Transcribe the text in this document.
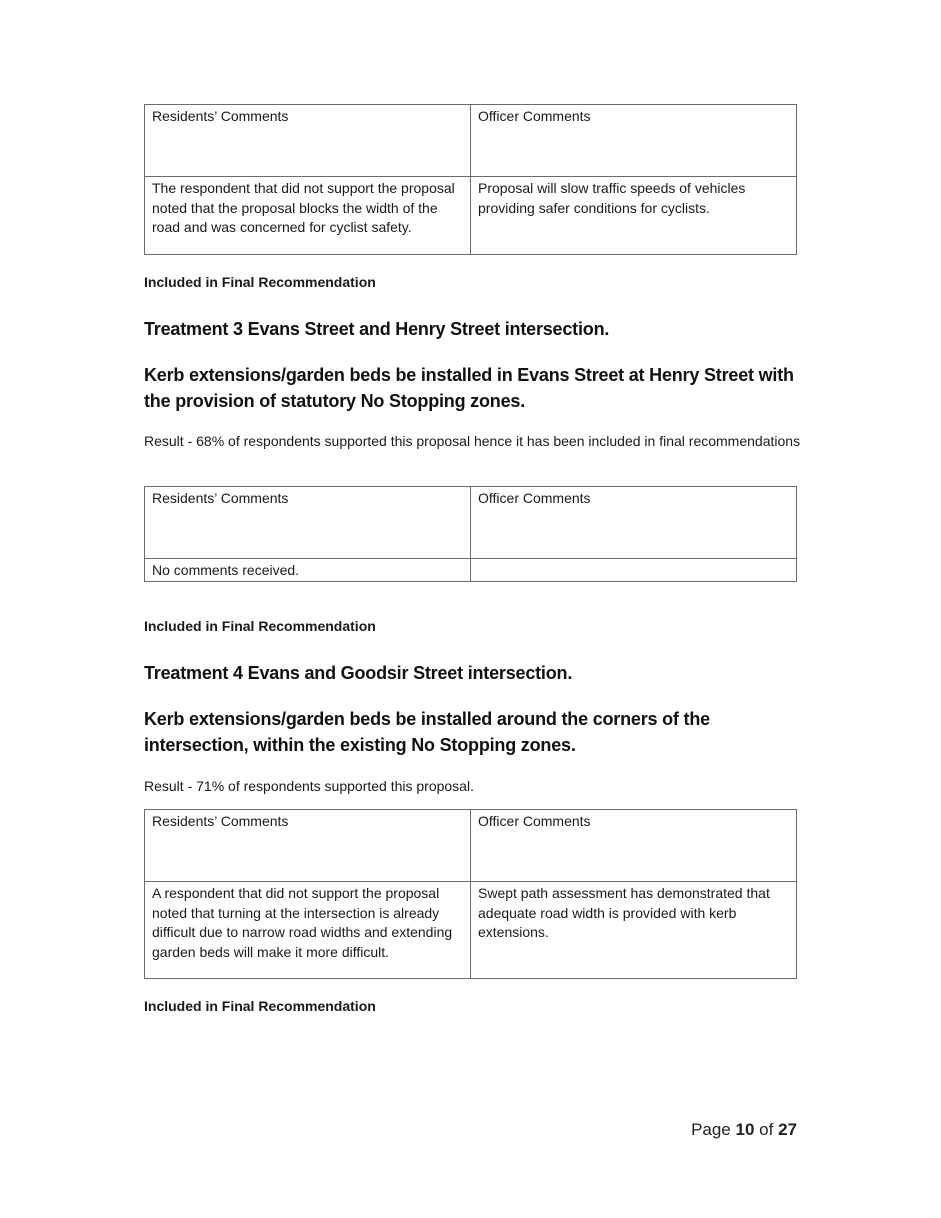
Residents’ Comments	Officer Comments
The respondent that did not support the proposal noted that the proposal blocks the width of the road and was concerned for cyclist safety.	Proposal will slow traffic speeds of vehicles providing safer conditions for cyclists.
Included in Final Recommendation
Treatment 3 Evans Street and Henry Street intersection.
Kerb extensions/garden beds be installed in Evans Street at Henry Street with the provision of statutory No Stopping zones.
Result - 68% of respondents supported this proposal hence it has been included in final recommendations
Residents’ Comments	Officer Comments
No comments received.	
Included in Final Recommendation
Treatment 4 Evans and Goodsir Street intersection.
Kerb extensions/garden beds be installed around the corners of the intersection, within the existing No Stopping zones.
Result - 71% of respondents supported this proposal.
Residents’ Comments	Officer Comments
A respondent that did not support the proposal noted that turning at the intersection is already difficult due to narrow road widths and extending garden beds will make it more difficult.	Swept path assessment has demonstrated that adequate road width is provided with kerb extensions.
Included in Final Recommendation
Page 10 of 27
